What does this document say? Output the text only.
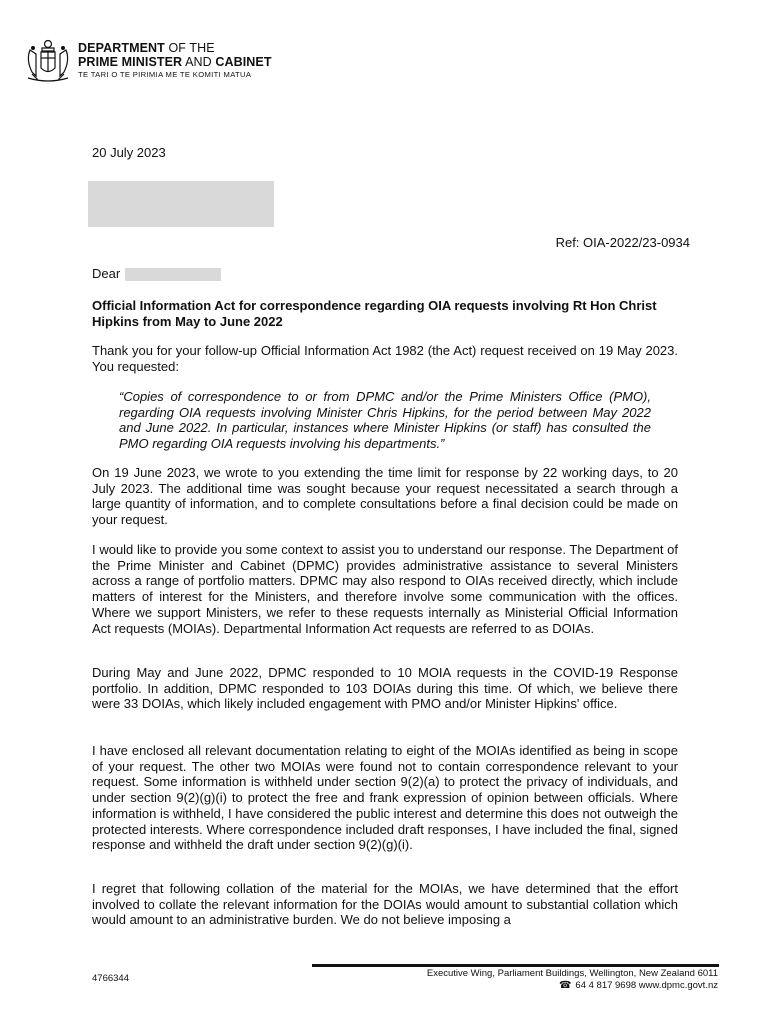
DEPARTMENT OF THE
PRIME MINISTER AND CABINET
TE TARI O TE PIRIMIA ME TE KOMITI MATUA
20 July 2023
Ref: OIA-2022/23-0934
Dear

Official Information Act for correspondence regarding OIA requests involving Rt Hon Christ Hipkins from May to June 2022

Thank you for your follow-up Official Information Act 1982 (the Act) request received on 19 May 2023. You requested:

“Copies of correspondence to or from DPMC and/or the Prime Ministers Office (PMO), regarding OIA requests involving Minister Chris Hipkins, for the period between May 2022 and June 2022. In particular, instances where Minister Hipkins (or staff) has consulted the PMO regarding OIA requests involving his departments.”

On 19 June 2023, we wrote to you extending the time limit for response by 22 working days, to 20 July 2023. The additional time was sought because your request necessitated a search through a large quantity of information, and to complete consultations before a final decision could be made on your request.

I would like to provide you some context to assist you to understand our response. The Department of the Prime Minister and Cabinet (DPMC) provides administrative assistance to several Ministers across a range of portfolio matters. DPMC may also respond to OIAs received directly, which include matters of interest for the Ministers, and therefore involve some communication with the offices. Where we support Ministers, we refer to these requests internally as Ministerial Official Information Act requests (MOIAs). Departmental Information Act requests are referred to as DOIAs.

During May and June 2022, DPMC responded to 10 MOIA requests in the COVID-19 Response portfolio. In addition, DPMC responded to 103 DOIAs during this time. Of which, we believe there were 33 DOIAs, which likely included engagement with PMO and/or Minister Hipkins' office.

I have enclosed all relevant documentation relating to eight of the MOIAs identified as being in scope of your request. The other two MOIAs were found not to contain correspondence relevant to your request. Some information is withheld under section 9(2)(a) to protect the privacy of individuals, and under section 9(2)(g)(i) to protect the free and frank expression of opinion between officials. Where information is withheld, I have considered the public interest and determine this does not outweigh the protected interests. Where correspondence included draft responses, I have included the final, signed response and withheld the draft under section 9(2)(g)(i).

I regret that following collation of the material for the MOIAs, we have determined that the effort involved to collate the relevant information for the DOIAs would amount to substantial collation which would amount to an administrative burden. We do not believe imposing a

4766344	Executive Wing, Parliament Buildings, Wellington, New Zealand 6011
☎ 64 4 817 9698 www.dpmc.govt.nz
